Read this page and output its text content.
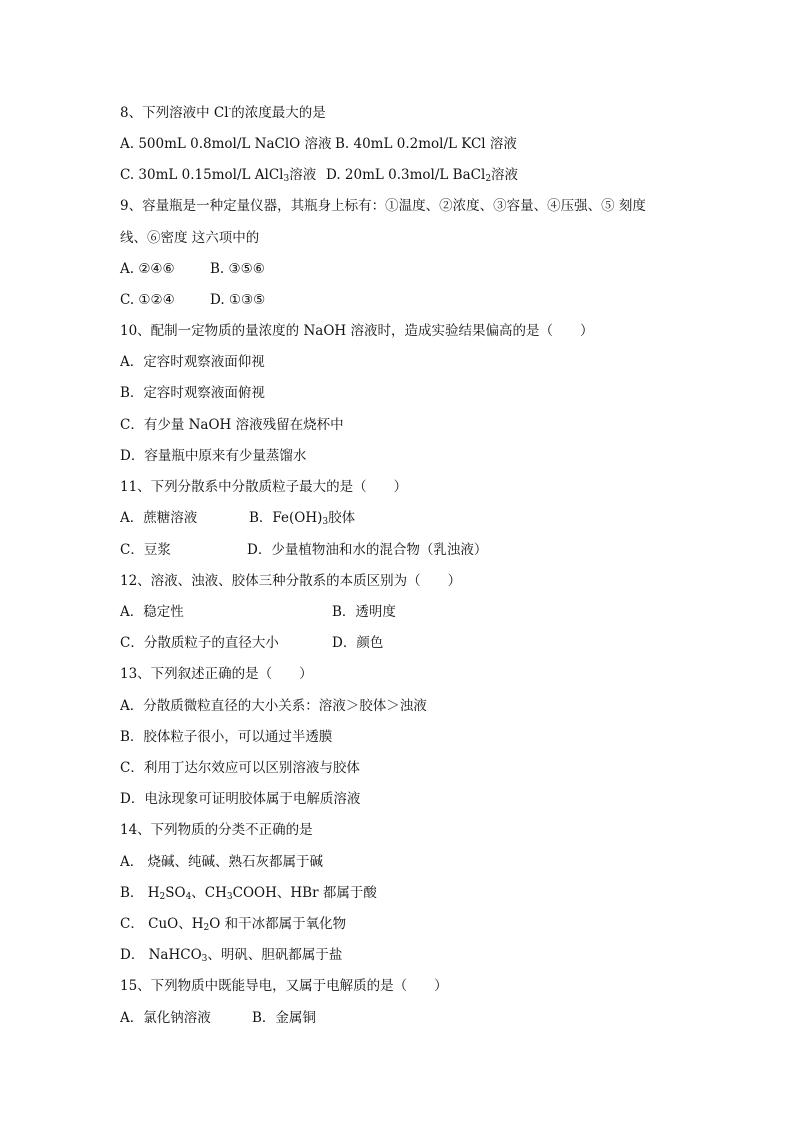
8、下列溶液中 Cl-的浓度最大的是
A. 500mL 0.8mol/L NaClO 溶液 B. 40mL 0.2mol/L KCl 溶液
C. 30mL 0.15mol/L AlCl$_3$溶液 D. 20mL 0.3mol/L BaCl$_2$溶液
9、容量瓶是一种定量仪器，其瓶身上标有：①温度、②浓度、③容量、④压强、⑤ 刻度
线、⑥密度 这六项中的
A. ②④⑥	B. ③⑤⑥
C. ①②④	D. ①③⑤
10、配制一定物质的量浓度的 NaOH 溶液时，造成实验结果偏高的是（　　）
A．定容时观察液面仰视
B．定容时观察液面俯视
C．有少量 NaOH 溶液残留在烧杯中
D．容量瓶中原来有少量蒸馏水
11、下列分散系中分散质粒子最大的是（　　）
A．蔗糖溶液	B．$Fe(OH)_3$胶体
C．豆浆	D．少量植物油和水的混合物（乳浊液）
12、溶液、浊液、胶体三种分散系的本质区别为（　　）
A．稳定性	B．透明度
C．分散质粒子的直径大小	D．颜色
13、下列叙述正确的是（　　）
A．分散质微粒直径的大小关系：溶液＞胶体＞浊液
B．胶体粒子很小，可以通过半透膜
C．利用丁达尔效应可以区别溶液与胶体
D．电泳现象可证明胶体属于电解质溶液
14、下列物质的分类不正确的是
A． 烧碱、纯碱、熟石灰都属于碱
B． $H_2SO_4$、$CH_3COOH$、HBr 都属于酸
C． CuO、$H_2O$ 和干冰都属于氧化物
D． NaHCO$_3$、明矾、胆矾都属于盐
15、下列物质中既能导电，又属于电解质的是（　　）
A．氯化钠溶液	B．金属铜
